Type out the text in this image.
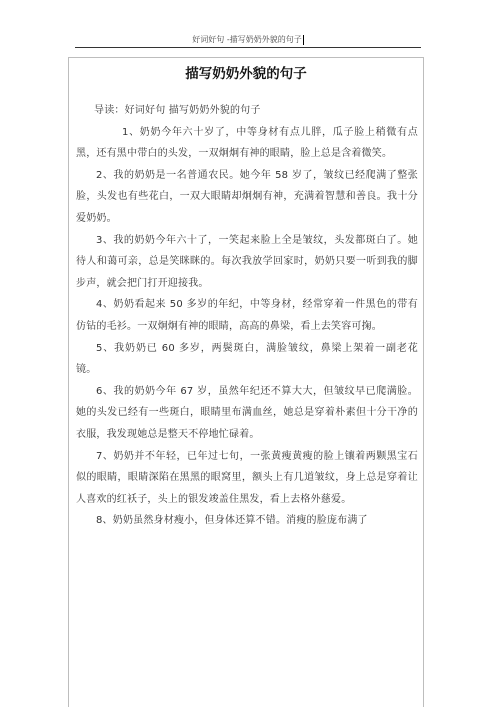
好词好句 -描写奶奶外貌的句子
描写奶奶外貌的句子

导读：好词好句 描写奶奶外貌的句子

1、奶奶今年六十岁了，中等身材有点儿胖，瓜子脸上稍微有点黑，还有黑中带白的头发，一双炯炯有神的眼睛，脸上总是含着微笑。

2、我的奶奶是一名普通农民。她今年 58 岁了，皱纹已经爬满了整张脸，头发也有些花白，一双大眼睛却炯炯有神，充满着智慧和善良。我十分爱奶奶。

3、我的奶奶今年六十了，一笑起来脸上全是皱纹，头发都斑白了。她待人和蔼可亲，总是笑眯眯的。每次我放学回家时，奶奶只要一听到我的脚步声，就会把门打开迎接我。

4、奶奶看起来 50 多岁的年纪，中等身材，经常穿着一件黑色的带有仿钻的毛衫。一双炯炯有神的眼睛，高高的鼻梁，看上去笑容可掬。

5、我奶奶已 60 多岁，两鬓斑白，满脸皱纹，鼻梁上架着一副老花镜。

6、我的奶奶今年 67 岁，虽然年纪还不算大大，但皱纹早已爬满脸。她的头发已经有一些斑白，眼睛里布满血丝，她总是穿着朴素但十分干净的衣服，我发现她总是整天不停地忙碌着。

7、奶奶并不年轻，已年过七旬，一张黄瘦黄瘦的脸上镶着两颗黑宝石似的眼睛，眼睛深陷在黑黑的眼窝里，额头上有几道皱纹，身上总是穿着让人喜欢的红袄子，头上的银发竣盖住黑发，看上去格外慈爱。

8、奶奶虽然身材瘦小，但身体还算不错。消瘦的脸庞布满了
